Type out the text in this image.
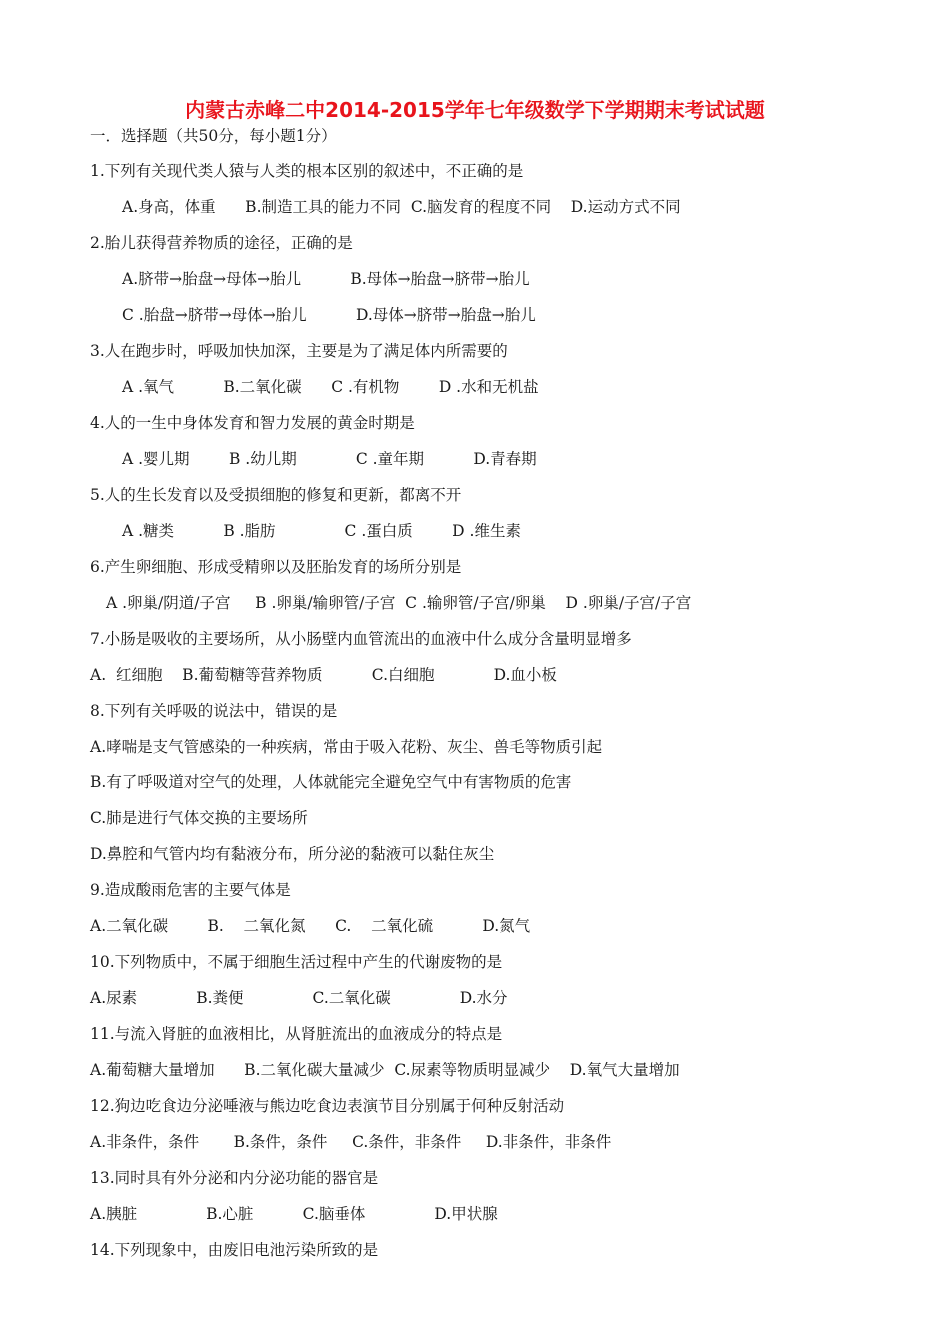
内蒙古赤峰二中2014-2015学年七年级数学下学期期末考试试题
一．选择题（共50分，每小题1分）
1.下列有关现代类人猿与人类的根本区别的叙述中，不正确的是
A.身高，体重      B.制造工具的能力不同  C.脑发育的程度不同    D.运动方式不同
2.胎儿获得营养物质的途径，正确的是
A.脐带→胎盘→母体→胎儿          B.母体→胎盘→脐带→胎儿
C .胎盘→脐带→母体→胎儿          D.母体→脐带→胎盘→胎儿
3.人在跑步时，呼吸加快加深，主要是为了满足体内所需要的
A .氧气          B.二氧化碳      C .有机物        D .水和无机盐
4.人的一生中身体发育和智力发展的黄金时期是
A .婴儿期        B .幼儿期            C .童年期          D.青春期
5.人的生长发育以及受损细胞的修复和更新，都离不开
A .糖类          B .脂肪              C .蛋白质        D .维生素
6.产生卵细胞、形成受精卵以及胚胎发育的场所分别是
A .卵巢/阴道/子宫     B .卵巢/输卵管/子宫  C .输卵管/子宫/卵巢    D .卵巢/子宫/子宫
7.小肠是吸收的主要场所，从小肠壁内血管流出的血液中什么成分含量明显增多
A.  红细胞    B.葡萄糖等营养物质          C.白细胞            D.血小板
8.下列有关呼吸的说法中，错误的是
A.哮喘是支气管感染的一种疾病，常由于吸入花粉、灰尘、兽毛等物质引起
B.有了呼吸道对空气的处理，人体就能完全避免空气中有害物质的危害
C.肺是进行气体交换的主要场所
D.鼻腔和气管内均有黏液分布，所分泌的黏液可以黏住灰尘
9.造成酸雨危害的主要气体是
A.二氧化碳        B.    二氧化氮      C.    二氧化硫          D.氮气
10.下列物质中，不属于细胞生活过程中产生的代谢废物的是
A.尿素            B.粪便              C.二氧化碳              D.水分
11.与流入肾脏的血液相比，从肾脏流出的血液成分的特点是
A.葡萄糖大量增加      B.二氧化碳大量减少  C.尿素等物质明显减少    D.氧气大量增加
12.狗边吃食边分泌唾液与熊边吃食边表演节目分别属于何种反射活动
A.非条件，条件       B.条件，条件     C.条件，非条件     D.非条件，非条件
13.同时具有外分泌和内分泌功能的器官是
A.胰脏              B.心脏          C.脑垂体              D.甲状腺
14.下列现象中，由废旧电池污染所致的是
